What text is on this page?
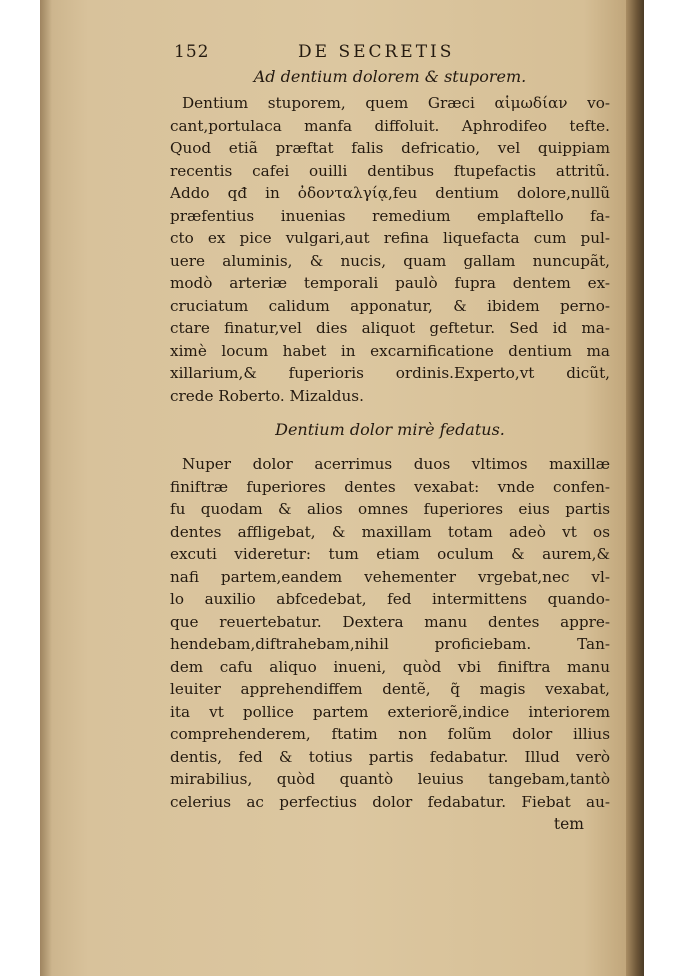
152	DE SECRETIS
Ad dentium dolorem & stuporem.
Dentium stuporem, quem Græci αἱμωδίαν vo-
cant,portulaca manfa diffoluit. Aphrodifeo tefte.
Quod etiã præftat falis defricatio, vel quippiam
recentis cafei ouilli dentibus ftupefactis attritũ.
Addo qđ in ὀδονταλγίᾳ,feu dentium dolore,nullũ
præfentius inuenias remedium emplaftello fa-
cto ex pice vulgari,aut refina liquefacta cum pul-
uere aluminis, & nucis, quam gallam nuncupãt,
modò arteriæ temporali paulò fupra dentem ex-
cruciatum calidum apponatur, & ibidem perno-
ctare finatur,vel dies aliquot geftetur. Sed id ma-
ximè locum habet in excarnificatione dentium ma
xillarium,& fuperioris ordinis.Experto,vt dicũt,
crede Roberto. Mizaldus.
Dentium dolor mirè fedatus.
Nuper dolor acerrimus duos vltimos maxillæ
finiftræ fuperiores dentes vexabat: vnde confen-
fu quodam & alios omnes fuperiores eius partis
dentes affligebat, & maxillam totam adeò vt os
excuti videretur: tum etiam oculum & aurem,&
nafi partem,eandem vehementer vrgebat,nec vl-
lo auxilio abfcedebat, fed intermittens quando-
que reuertebatur. Dextera manu dentes appre-
hendebam,diftrahebam,nihil proficiebam. Tan-
dem cafu aliquo inueni, quòd vbi finiftra manu
leuiter apprehendiffem dentẽ, q̃ magis vexabat,
ita vt pollice partem exteriorẽ,indice interiorem
comprehenderem, ftatim non folũm dolor illius
dentis, fed & totius partis fedabatur. Illud verò
mirabilius, quòd quantò leuius tangebam,tantò
celerius ac perfectius dolor fedabatur. Fiebat au-
tem
